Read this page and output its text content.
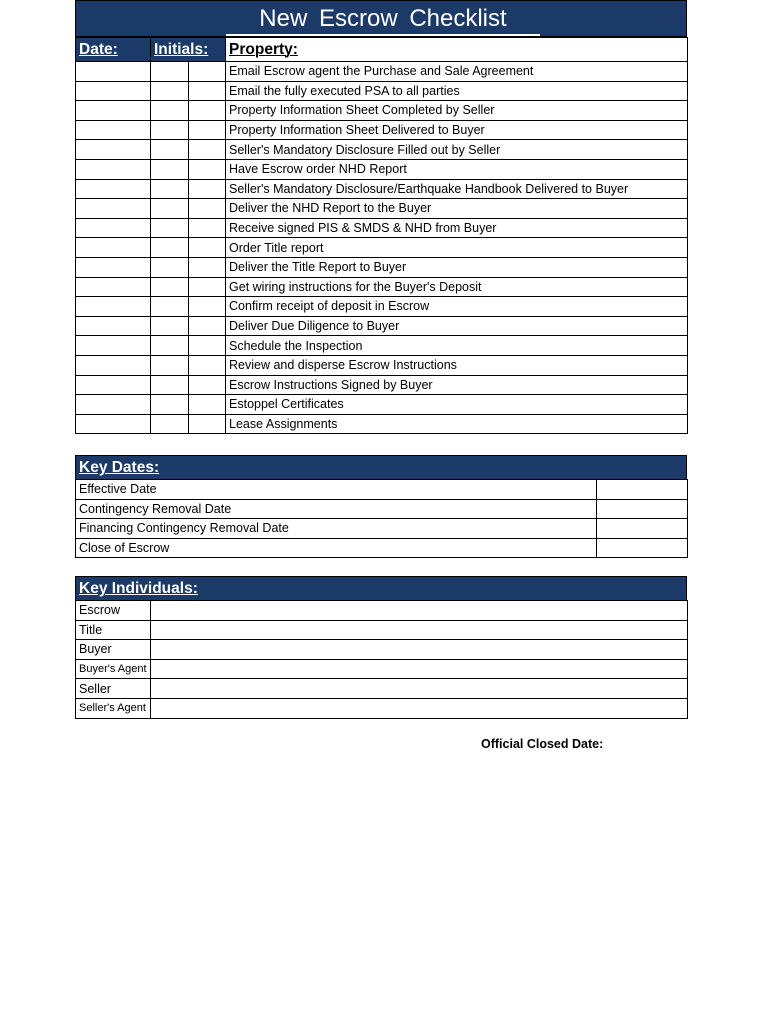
New Escrow Checklist
Date:	Initials:		Property:
			Email Escrow agent the Purchase and Sale Agreement
			Email the fully executed PSA to all parties
			Property Information Sheet Completed by Seller
			Property Information Sheet Delivered to Buyer
			Seller's Mandatory Disclosure Filled out by Seller
			Have Escrow order NHD Report
			Seller's Mandatory Disclosure/Earthquake Handbook Delivered to Buyer
			Deliver the NHD Report to the Buyer
			Receive signed PIS & SMDS & NHD from Buyer
			Order Title report
			Deliver the Title Report to Buyer
			Get wiring instructions for the Buyer's Deposit
			Confirm receipt of deposit in Escrow
			Deliver Due Diligence to Buyer
			Schedule the Inspection
			Review and disperse Escrow Instructions
			Escrow Instructions Signed by Buyer
			Estoppel Certificates
			Lease Assignments
Key Dates:
Effective Date	
Contingency Removal Date	
Financing Contingency Removal Date	
Close of Escrow	
Key Individuals:
Escrow	
Title	
Buyer	
Buyer's Agent	
Seller	
Seller's Agent	
Official Closed Date:
